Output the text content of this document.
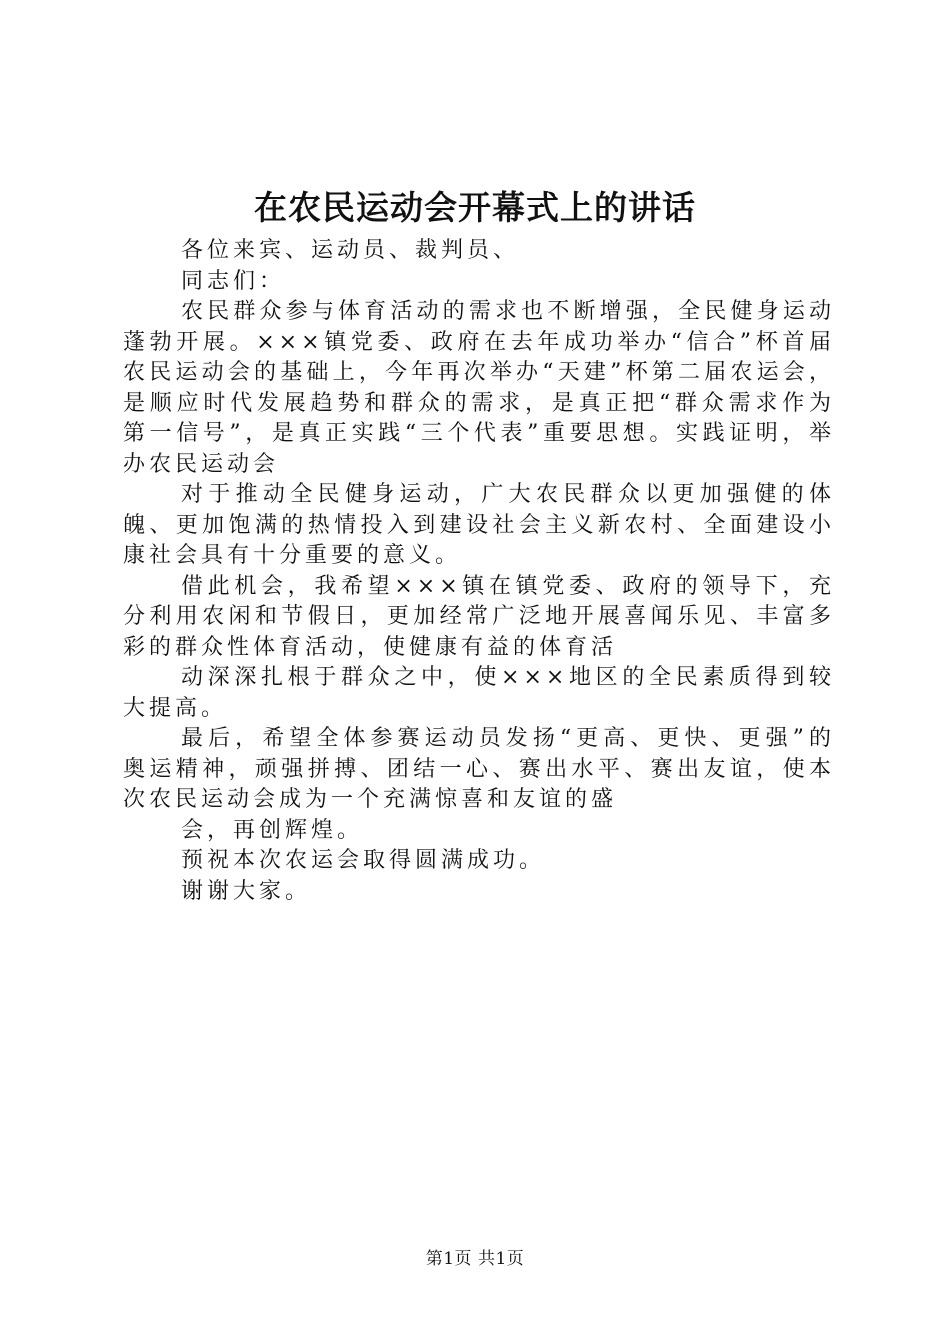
在农民运动会开幕式上的讲话

各位来宾、运动员、裁判员、

同志们：

农民群众参与体育活动的需求也不断增强，全民健身运动蓬勃开展。×××镇党委、政府在去年成功举办“信合”杯首届农民运动会的基础上，今年再次举办“天建”杯第二届农运会，是顺应时代发展趋势和群众的需求，是真正把“群众需求作为第一信号”，是真正实践“三个代表”重要思想。实践证明，举办农民运动会

对于推动全民健身运动，广大农民群众以更加强健的体魄、更加饱满的热情投入到建设社会主义新农村、全面建设小康社会具有十分重要的意义。

借此机会，我希望×××镇在镇党委、政府的领导下，充分利用农闲和节假日，更加经常广泛地开展喜闻乐见、丰富多彩的群众性体育活动，使健康有益的体育活

动深深扎根于群众之中，使×××地区的全民素质得到较大提高。

最后，希望全体参赛运动员发扬“更高、更快、更强”的奥运精神，顽强拼搏、团结一心、赛出水平、赛出友谊，使本次农民运动会成为一个充满惊喜和友谊的盛

会，再创辉煌。

预祝本次农运会取得圆满成功。

谢谢大家。

第1页 共1页
